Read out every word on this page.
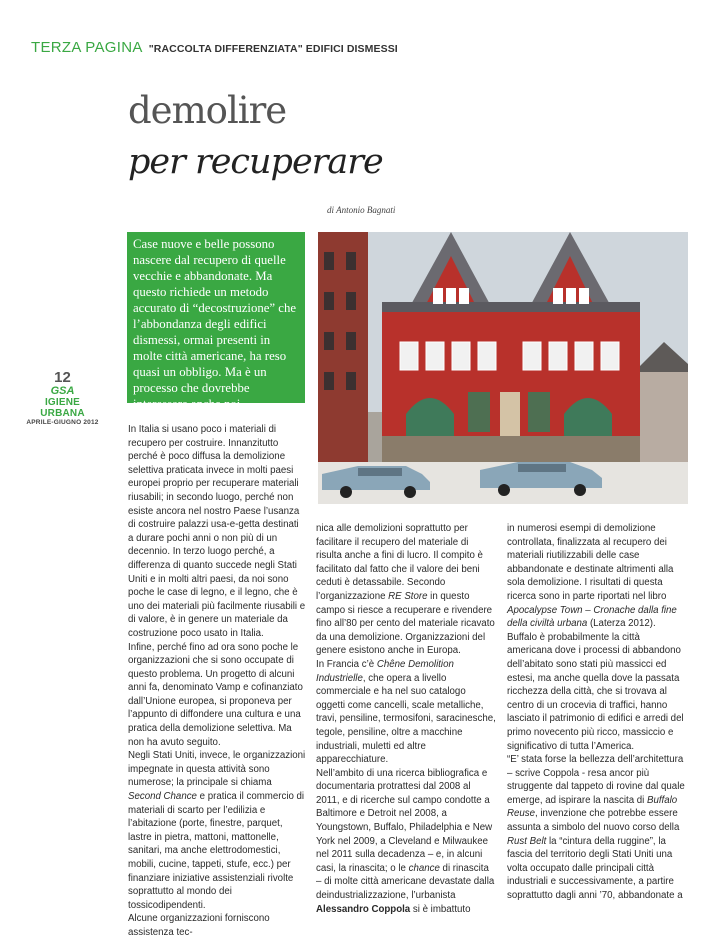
TERZA PAGINA "RACCOLTA DIFFERENZIATA" EDIFICI DISMESSI
demolire
per recuperare
di Antonio Bagnati
Case nuove e belle possono nascere dal recupero di quelle vecchie e abbandonate. Ma questo richiede un metodo accurato di “decostruzione” che l’abbondanza degli edifici dismessi, ormai presenti in molte città americane, ha reso quasi un obbligo. Ma è un processo che dovrebbe interessare anche noi.
12
GSA
IGIENE URBANA
APRILE-GIUGNO 2012

In Italia si usano poco i materiali di recupero per costruire. Innanzitutto perché è poco diffusa la demolizione selettiva praticata invece in molti paesi europei proprio per recuperare materiali riusabili; in secondo luogo, perché non esiste ancora nel nostro Paese l’usanza di costruire palazzi usa-e-getta destinati a durare pochi anni o non più di un decennio. In terzo luogo perché, a differenza di quanto succede negli Stati Uniti e in molti altri paesi, da noi sono poche le case di legno, e il legno, che è uno dei materiali più facilmente riusabili e di valore, è in genere un materiale da costruzione poco usato in Italia.

Infine, perché fino ad ora sono poche le organizzazioni che si sono occupate di questo problema. Un progetto di alcuni anni fa, denominato Vamp e cofinanziato dall’Unione europea, si proponeva per l’appunto di diffondere una cultura e una pratica della demolizione selettiva. Ma non ha avuto seguito.

Negli Stati Uniti, invece, le organizzazioni impegnate in questa attività sono numerose; la principale si chiama Second Chance e pratica il commercio di materiali di scarto per l’edilizia e l’abitazione (porte, finestre, parquet, lastre in pietra, mattoni, mattonelle, sanitari, ma anche elettrodomestici, mobili, cucine, tappeti, stufe, ecc.) per finanziare iniziative assistenziali rivolte soprattutto al mondo dei tossicodipendenti.

Alcune organizzazioni forniscono assistenza tec-

nica alle demolizioni soprattutto per facilitare il recupero del materiale di risulta anche a fini di lucro. Il compito è facilitato dal fatto che il valore dei beni ceduti è detassabile. Secondo l’organizzazione RE Store in questo campo si riesce a recuperare e rivendere fino all’80 per cento del materiale ricavato da una demolizione. Organizzazioni del genere esistono anche in Europa.

In Francia c’è Chêne Demolition Industrielle, che opera a livello commerciale e ha nel suo catalogo oggetti come cancelli, scale metalliche, travi, pensiline, termosifoni, saracinesche, tegole, pensiline, oltre a macchine industriali, muletti ed altre apparecchiature.

Nell’ambito di una ricerca bibliografica e documentaria protrattesi dal 2008 al 2011, e di ricerche sul campo condotte a Baltimore e Detroit nel 2008, a Youngstown, Buffalo, Philadelphia e New York nel 2009, a Cleveland e Milwaukee nel 2011 sulla decadenza – e, in alcuni casi, la rinascita; o le chance di rinascita – di molte città americane devastate dalla deindustrializzazione, l’urbanista Alessandro Coppola si è imbattuto

in numerosi esempi di demolizione controllata, finalizzata al recupero dei materiali riutilizzabili delle case abbandonate e destinate altrimenti alla sola demolizione. I risultati di questa ricerca sono in parte riportati nel libro Apocalypse Town – Cronache dalla fine della civiltà urbana (Laterza 2012). Buffalo è probabilmente la città americana dove i processi di abbandono dell’abitato sono stati più massicci ed estesi, ma anche quella dove la passata ricchezza della città, che si trovava al centro di un crocevia di traffici, hanno lasciato il patrimonio di edifici e arredi del primo novecento più ricco, massiccio e significativo di tutta l’America.

“E’ stata forse la bellezza dell’architettura – scrive Coppola - resa ancor più struggente dal tappeto di rovine dal quale emerge, ad ispirare la nascita di Buffalo Reuse, invenzione che potrebbe essere assunta a simbolo del nuovo corso della Rust Belt la “cintura della ruggine”, la fascia del territorio degli Stati Uniti una volta occupato dalle principali città industriali e successivamente, a partire soprattutto dagli anni ’70, abbandonate a
